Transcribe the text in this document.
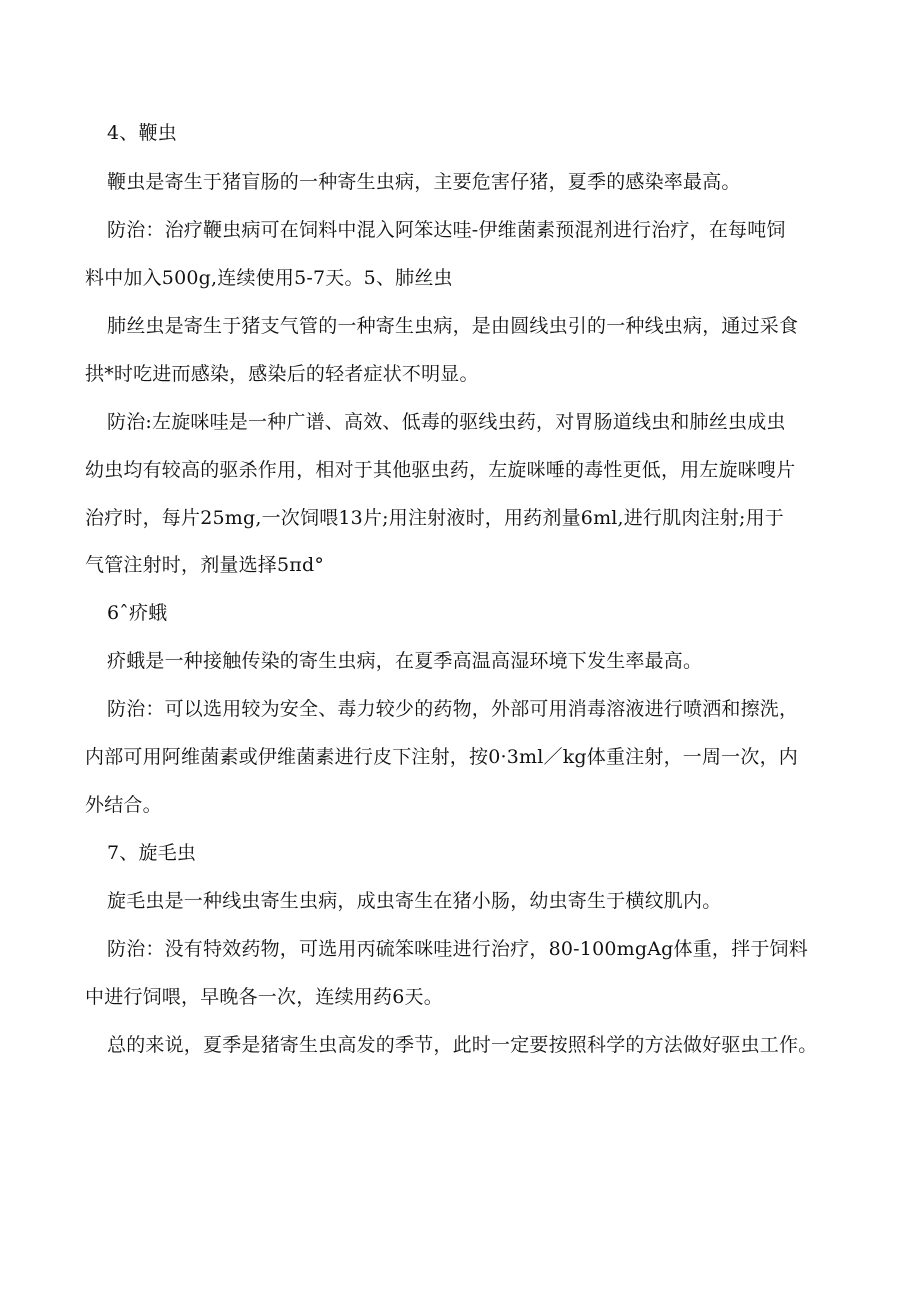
4、鞭虫
鞭虫是寄生于猪盲肠的一种寄生虫病，主要危害仔猪，夏季的感染率最高。
防治：治疗鞭虫病可在饲料中混入阿笨达哇-伊维菌素预混剂进行治疗，在每吨饲
料中加入500g,连续使用5-7天。5、肺丝虫
肺丝虫是寄生于猪支气管的一种寄生虫病，是由圆线虫引的一种线虫病，通过采食
拱*时吃进而感染，感染后的轻者症状不明显。
防治:左旋咪哇是一种广谱、高效、低毒的驱线虫药，对胃肠道线虫和肺丝虫成虫
幼虫均有较高的驱杀作用，相对于其他驱虫药，左旋咪唾的毒性更低，用左旋咪嗖片
治疗时，每片25mg,一次饲喂13片;用注射液时，用药剂量6ml,进行肌肉注射;用于
气管注射时，剂量选择5πd°
6ˆ疥蛾
疥蛾是一种接触传染的寄生虫病，在夏季高温高湿环境下发生率最高。
防治：可以选用较为安全、毒力较少的药物，外部可用消毒溶液进行喷洒和擦洗，
内部可用阿维菌素或伊维菌素进行皮下注射，按0·3ml／kg体重注射，一周一次，内
外结合。
7、旋毛虫
旋毛虫是一种线虫寄生虫病，成虫寄生在猪小肠，幼虫寄生于横纹肌内。
防治：没有特效药物，可选用丙硫笨咪哇进行治疗，80-100mgAg体重，拌于饲料
中进行饲喂，早晚各一次，连续用药6天。
总的来说，夏季是猪寄生虫高发的季节，此时一定要按照科学的方法做好驱虫工作。
